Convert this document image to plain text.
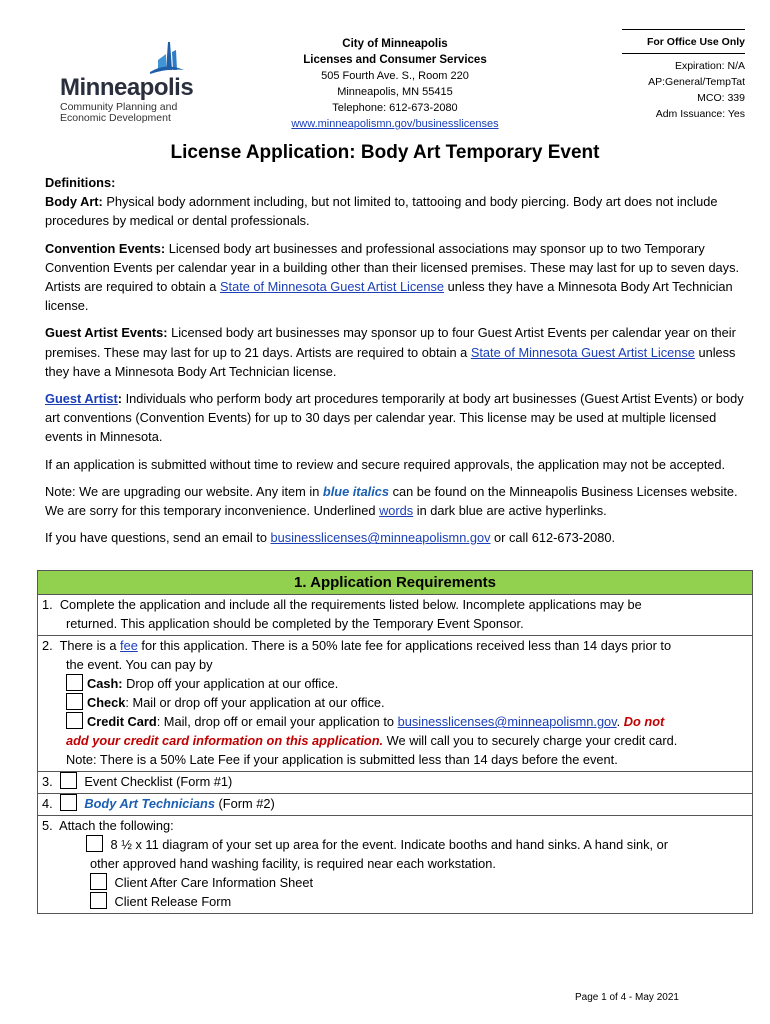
Minneapolis
Community Planning and
Economic Development
City of Minneapolis
Licenses and Consumer Services
505 Fourth Ave. S., Room 220
Minneapolis, MN 55415
Telephone: 612-673-2080
www.minneapolismn.gov/businesslicenses
For Office Use Only
Expiration: N/A
AP:General/TempTat
MCO: 339
Adm Issuance: Yes
License Application: Body Art Temporary Event

Definitions:

Body Art: Physical body adornment including, but not limited to, tattooing and body piercing. Body art does not include procedures by medical or dental professionals.

Convention Events: Licensed body art businesses and professional associations may sponsor up to two Temporary Convention Events per calendar year in a building other than their licensed premises. These may last for up to seven days. Artists are required to obtain a State of Minnesota Guest Artist License unless they have a Minnesota Body Art Technician license.

Guest Artist Events: Licensed body art businesses may sponsor up to four Guest Artist Events per calendar year on their premises. These may last for up to 21 days. Artists are required to obtain a State of Minnesota Guest Artist License unless they have a Minnesota Body Art Technician license.

Guest Artist: Individuals who perform body art procedures temporarily at body art businesses (Guest Artist Events) or body art conventions (Convention Events) for up to 30 days per calendar year. This license may be used at multiple licensed events in Minnesota.

If an application is submitted without time to review and secure required approvals, the application may not be accepted.

Note: We are upgrading our website. Any item in blue italics can be found on the Minneapolis Business Licenses website. We are sorry for this temporary inconvenience. Underlined words in dark blue are active hyperlinks.

If you have questions, send an email to businesslicenses@minneapolismn.gov or call 612-673-2080.

1. Application Requirements
1. Complete the application and include all the requirements listed below. Incomplete applications may be
returned. This application should be completed by the Temporary Event Sponsor.
2. There is a fee for this application. There is a 50% late fee for applications received less than 14 days prior to
the event. You can pay by
Cash: Drop off your application at our office.
Check: Mail or drop off your application at our office.
Credit Card: Mail, drop off or email your application to businesslicenses@minneapolismn.gov. Do not
add your credit card information on this application. We will call you to securely charge your credit card.
Note: There is a 50% Late Fee if your application is submitted less than 14 days before the event.
3. Event Checklist (Form #1)
4. Body Art Technicians (Form #2)
5. Attach the following:
8 ½ x 11 diagram of your set up area for the event. Indicate booths and hand sinks. A hand sink, or
other approved hand washing facility, is required near each workstation.
Client After Care Information Sheet
Client Release Form
Page 1 of 4 - May 2021
